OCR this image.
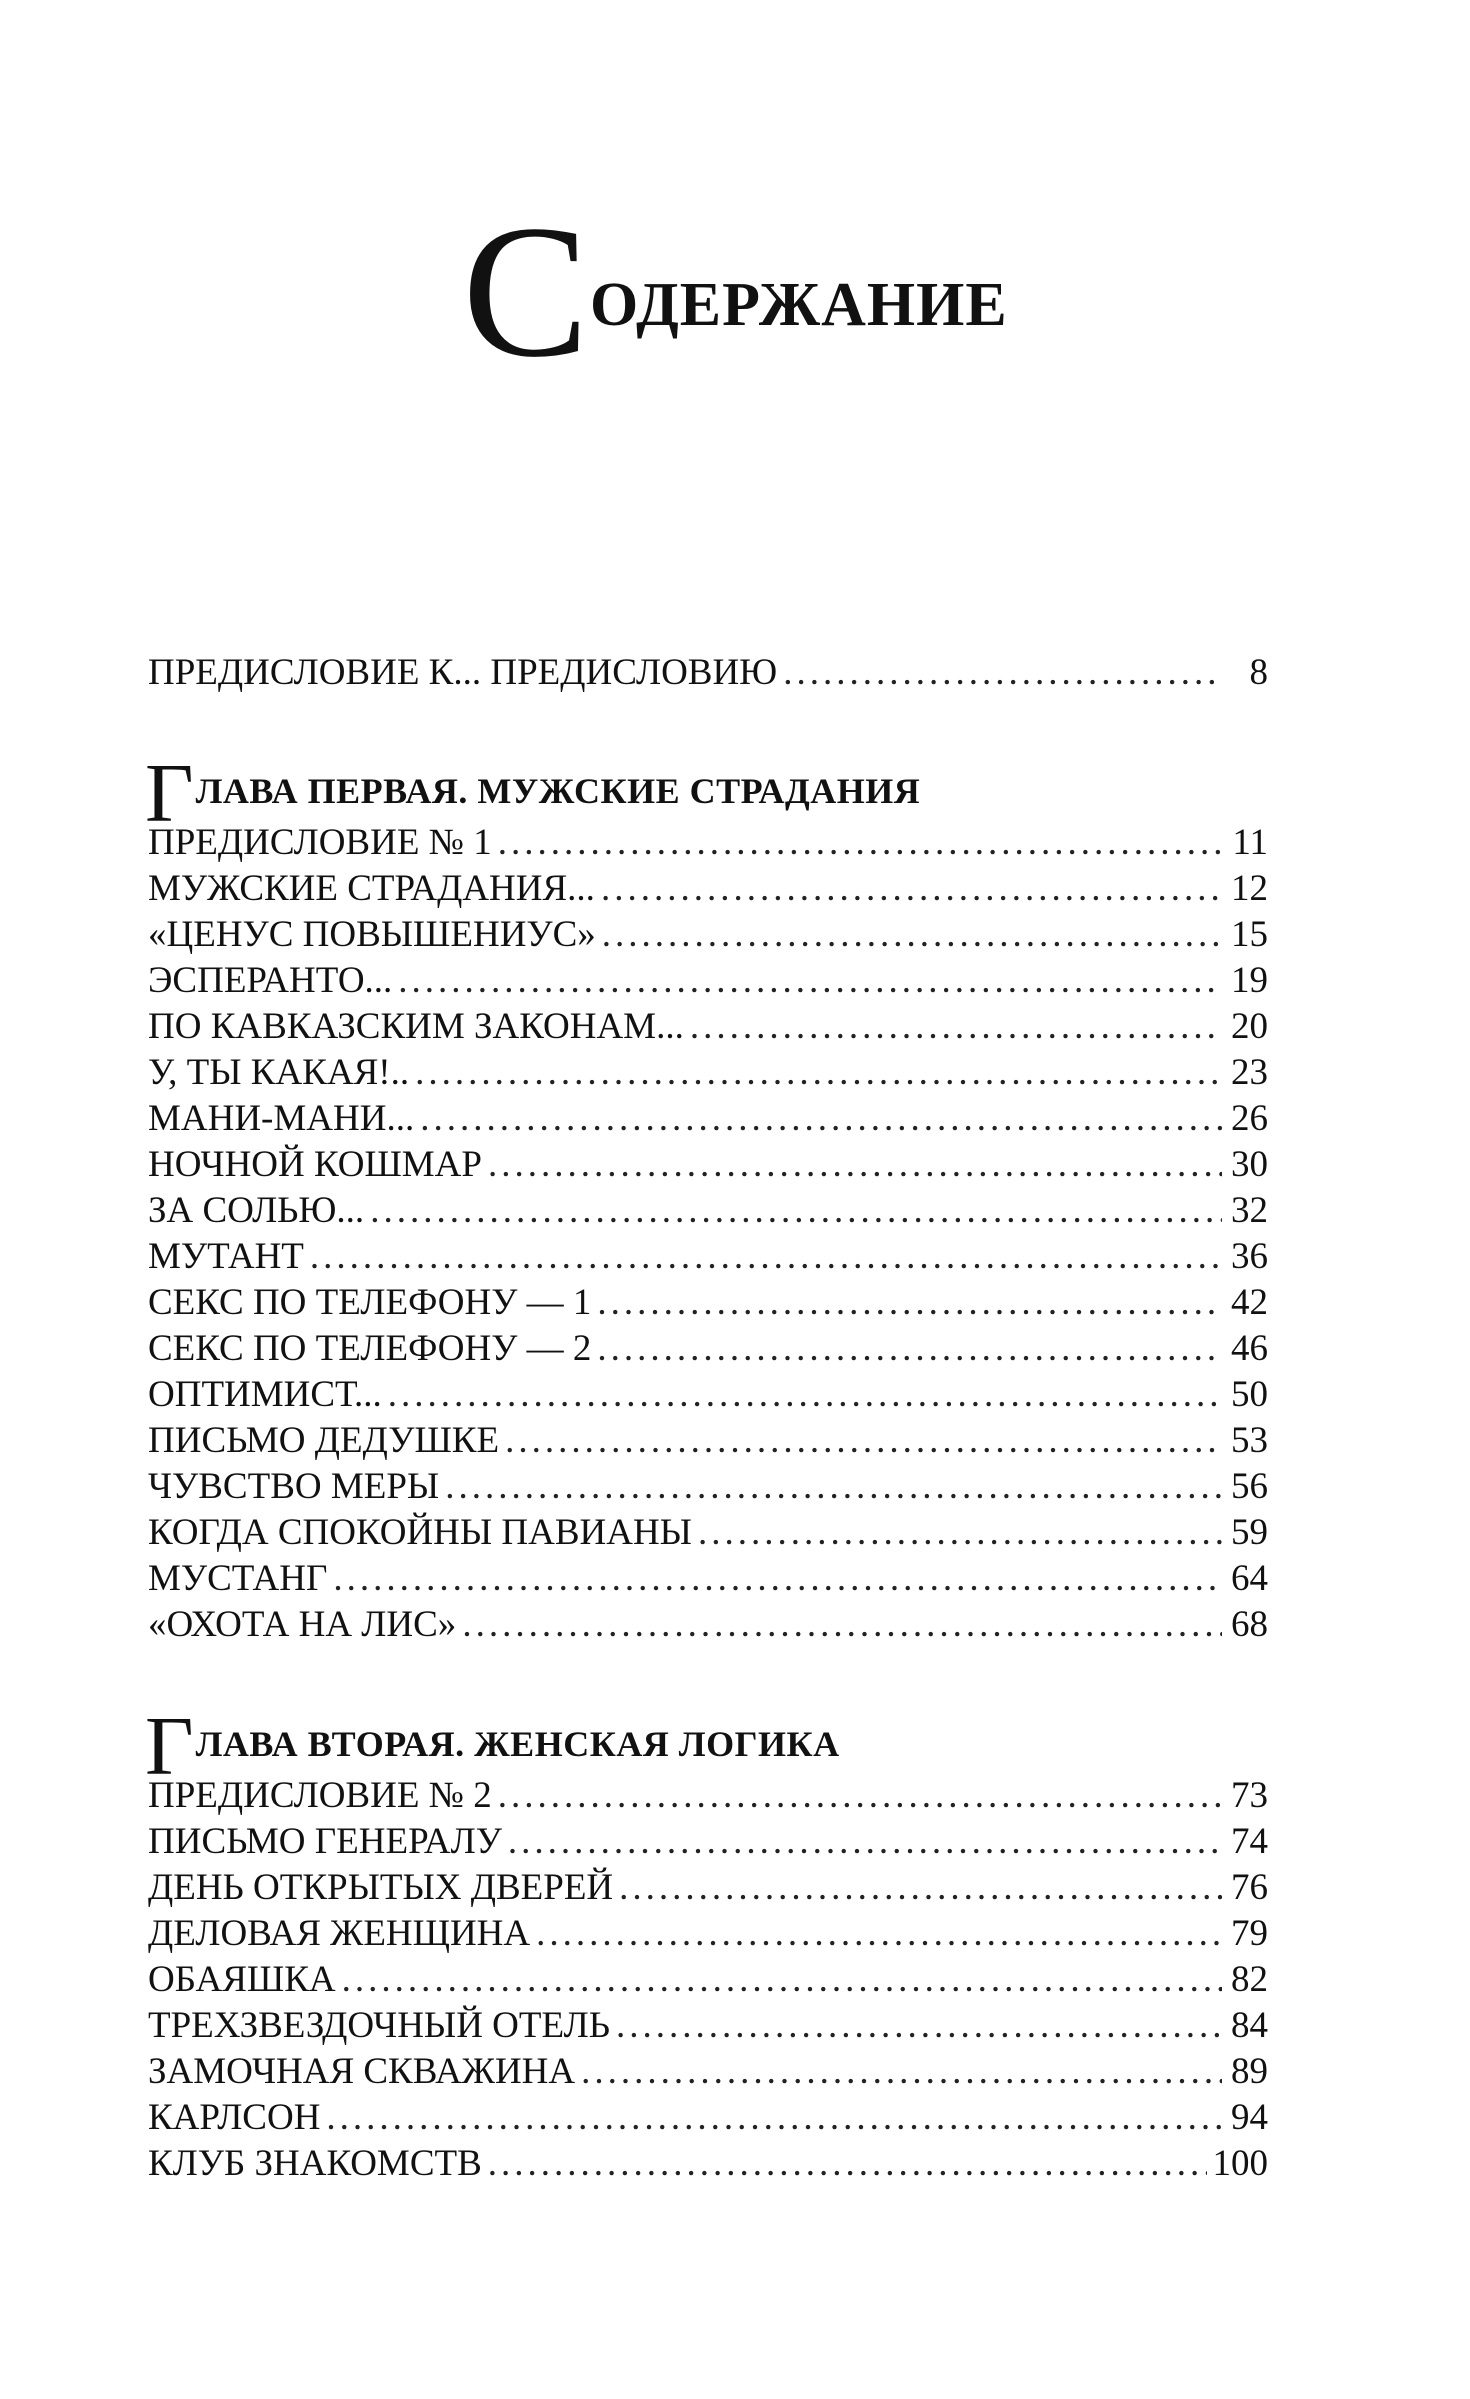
СОДЕРЖАНИЕ
ПРЕДИСЛОВИЕ К... ПРЕДИСЛОВИЮ .....	8
ГЛАВА ПЕРВАЯ. МУЖСКИЕ СТРАДАНИЯ
ПРЕДИСЛОВИЕ № 1 .....	11
МУЖСКИЕ СТРАДАНИЯ... .....	12
«ЦЕНУС ПОВЫШЕНИУС» .....	15
ЭСПЕРАНТО... .....	19
ПО КАВКАЗСКИМ ЗАКОНАМ... .....	20
У, ТЫ КАКАЯ!.. .....	23
МАНИ-МАНИ... .....	26
НОЧНОЙ КОШМАР .....	30
ЗА СОЛЬЮ... .....	32
МУТАНТ .....	36
СЕКС ПО ТЕЛЕФОНУ — 1 .....	42
СЕКС ПО ТЕЛЕФОНУ — 2 .....	46
ОПТИМИСТ... .....	50
ПИСЬМО ДЕДУШКЕ .....	53
ЧУВСТВО МЕРЫ .....	56
КОГДА СПОКОЙНЫ ПАВИАНЫ .....	59
МУСТАНГ .....	64
«ОХОТА НА ЛИС» .....	68
ГЛАВА ВТОРАЯ. ЖЕНСКАЯ ЛОГИКА
ПРЕДИСЛОВИЕ № 2 .....	73
ПИСЬМО ГЕНЕРАЛУ .....	74
ДЕНЬ ОТКРЫТЫХ ДВЕРЕЙ .....	76
ДЕЛОВАЯ ЖЕНЩИНА .....	79
ОБАЯШКА .....	82
ТРЕХЗВЕЗДОЧНЫЙ ОТЕЛЬ .....	84
ЗАМОЧНАЯ СКВАЖИНА .....	89
КАРЛСОН .....	94
КЛУБ ЗНАКОМСТВ .....	100
